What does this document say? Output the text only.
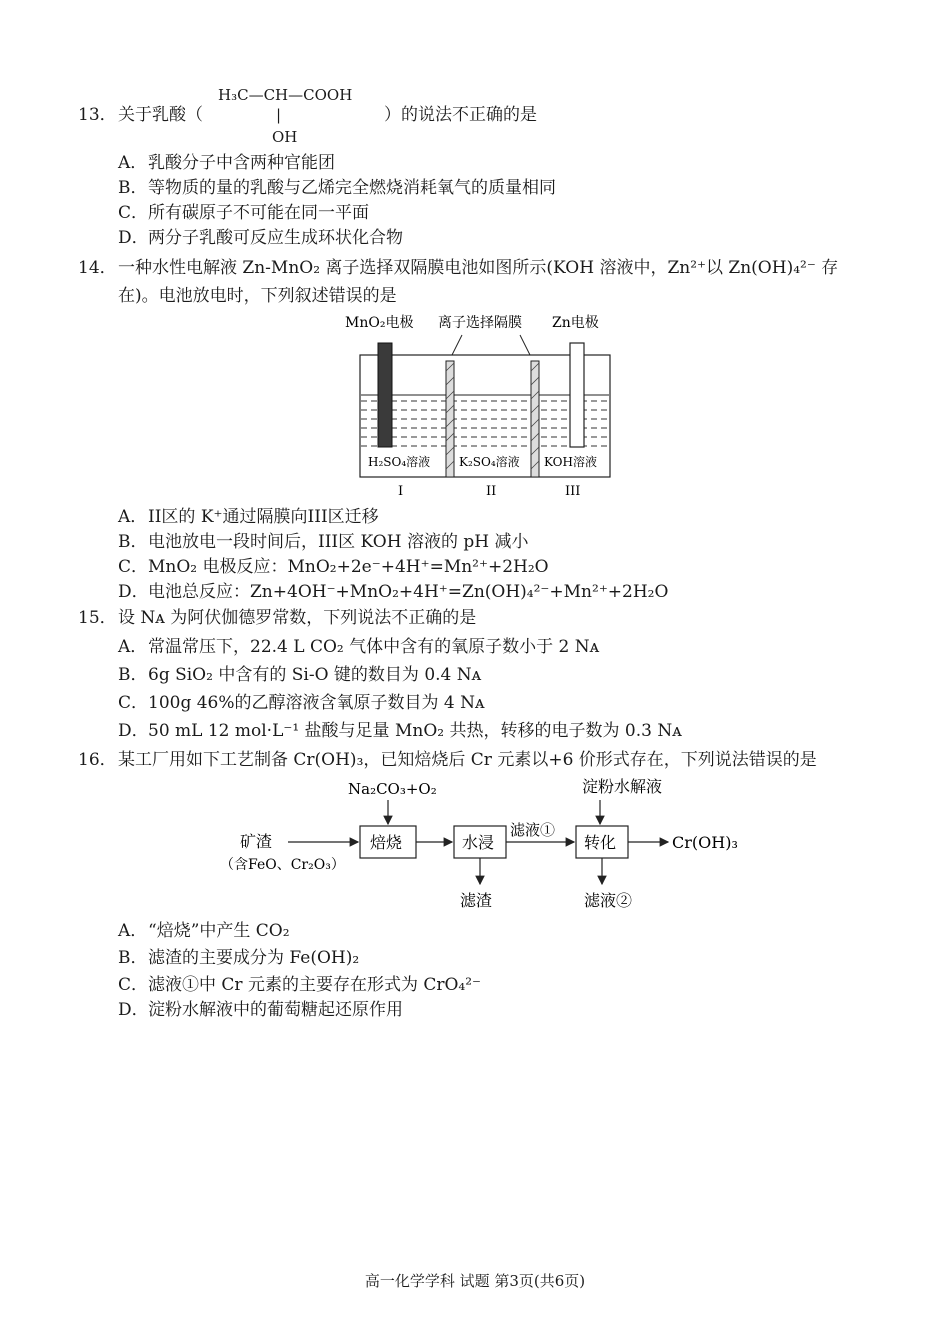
13． 关于乳酸（
H₃C—CH—COOH
|
OH
）的说法不正确的是
A．乳酸分子中含两种官能团
B．等物质的量的乳酸与乙烯完全燃烧消耗氧气的质量相同
C．所有碳原子不可能在同一平面
D．两分子乳酸可反应生成环状化合物
14． 一种水性电解液 Zn-MnO₂ 离子选择双隔膜电池如图所示(KOH 溶液中，Zn²⁺以 Zn(OH)₄²⁻ 存
在)。电池放电时，下列叙述错误的是
MnO₂电极 离子选择隔膜 Zn电极
H₂SO₄溶液 K₂SO₄溶液 KOH溶液
I	II	III
A．II区的 K⁺通过隔膜向III区迁移
B．电池放电一段时间后，III区 KOH 溶液的 pH 减小
C．MnO₂ 电极反应：MnO₂+2e⁻+4H⁺=Mn²⁺+2H₂O
D．电池总反应：Zn+4OH⁻+MnO₂+4H⁺=Zn(OH)₄²⁻+Mn²⁺+2H₂O
15． 设 Nᴀ 为阿伏伽德罗常数，下列说法不正确的是
A．常温常压下，22.4 L CO₂ 气体中含有的氧原子数小于 2 Nᴀ
B．6g SiO₂ 中含有的 Si-O 键的数目为 0.4 Nᴀ
C．100g 46%的乙醇溶液含氧原子数目为 4 Nᴀ
D．50 mL 12 mol·L⁻¹ 盐酸与足量 MnO₂ 共热，转移的电子数为 0.3 Nᴀ
16． 某工厂用如下工艺制备 Cr(OH)₃，已知焙烧后 Cr 元素以+6 价形式存在，下列说法错误的是
Na₂CO₃+O₂	淀粉水解液
矿渣
（含FeO、Cr₂O₃）
焙烧	水浸
滤液①
转化	Cr(OH)₃
滤渣	滤液②
A．“焙烧”中产生 CO₂
B．滤渣的主要成分为 Fe(OH)₂
C．滤液①中 Cr 元素的主要存在形式为 CrO₄²⁻
D．淀粉水解液中的葡萄糖起还原作用
高一化学学科 试题 第3页(共6页)
